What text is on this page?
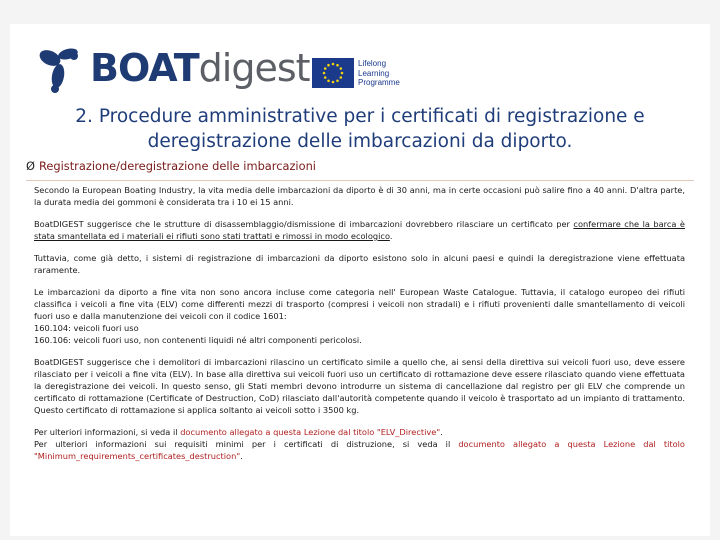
BOATdigest	Lifelong
Learning
Programme
2. Procedure amministrative per i certificati di registrazione e
deregistrazione delle imbarcazioni da diporto.
Ø Registrazione/deregistrazione delle imbarcazioni

Secondo la European Boating Industry, la vita media delle imbarcazioni da diporto è di 30 anni, ma in certe occasioni può salire fino a 40 anni. D'altra parte, la durata media dei gommoni è considerata tra i 10 ei 15 anni.

BoatDIGEST suggerisce che le strutture di disassemblaggio/dismissione di imbarcazioni dovrebbero rilasciare un certificato per confermare che la barca è stata smantellata ed i materiali ei rifiuti sono stati trattati e rimossi in modo ecologico.

Tuttavia, come già detto, i sistemi di registrazione di imbarcazioni da diporto esistono solo in alcuni paesi e quindi la deregistrazione viene effettuata raramente.

Le imbarcazioni da diporto a fine vita non sono ancora incluse come categoria nell' European Waste Catalogue. Tuttavia, il catalogo europeo dei rifiuti classifica i veicoli a fine vita (ELV) come differenti mezzi di trasporto (compresi i veicoli non stradali) e i rifiuti provenienti dalle smantellamento di veicoli fuori uso e dalla manutenzione dei veicoli con il codice 1601:
160.104: veicoli fuori uso
160.106: veicoli fuori uso, non contenenti liquidi né altri componenti pericolosi.

BoatDIGEST suggerisce che i demolitori di imbarcazioni rilascino un certificato simile a quello che, ai sensi della direttiva sui veicoli fuori uso, deve essere rilasciato per i veicoli a fine vita (ELV). In base alla direttiva sui veicoli fuori uso un certificato di rottamazione deve essere rilasciato quando viene effettuata la deregistrazione dei veicoli. In questo senso, gli Stati membri devono introdurre un sistema di cancellazione dal registro per gli ELV che comprende un certificato di rottamazione (Certificate of Destruction, CoD) rilasciato dall'autorità competente quando il veicolo è trasportato ad un impianto di trattamento. Questo certificato di rottamazione si applica soltanto ai veicoli sotto i 3500 kg.

Per ulteriori informazioni, si veda il documento allegato a questa Lezione dal titolo "ELV_Directive".
Per ulteriori informazioni sui requisiti minimi per i certificati di distruzione, si veda il documento allegato a questa Lezione dal titolo "Minimum_requirements_certificates_destruction".
